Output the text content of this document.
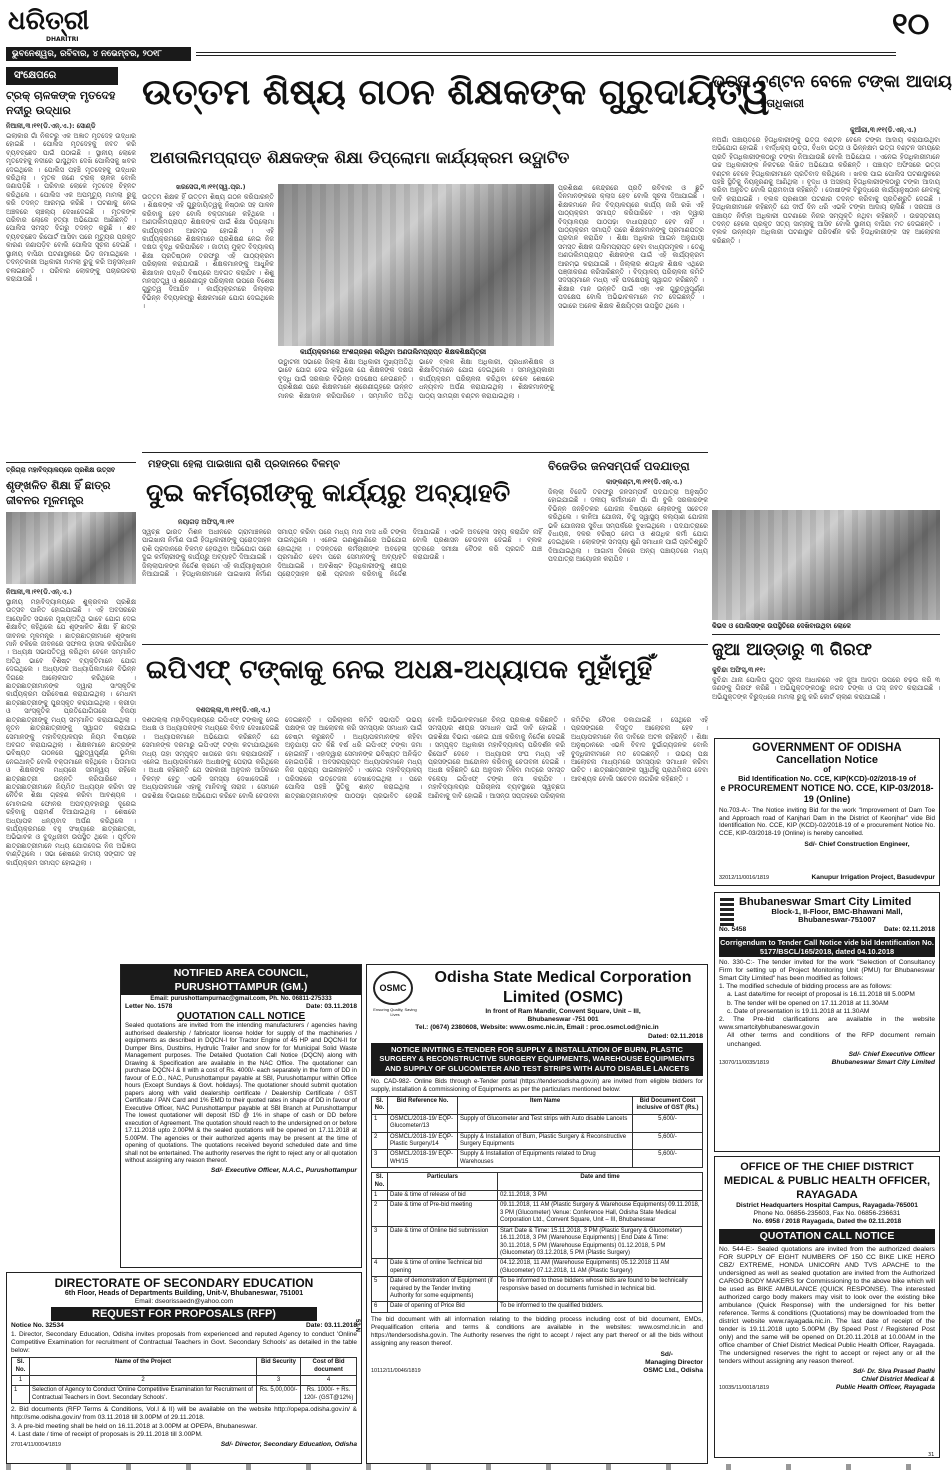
ଧରିତ୍ରୀ
DHARITRI
ଭୁବନେଶ୍ୱର, ରବିବାର, ୪ ନଭେମ୍ବର, ୨୦୧୮
୧୦
ସଂକ୍ଷେପରେ
ଟ୍ରକ୍ ଚାଳକଙ୍କ ମୃତଦେହ ନଦୀରୁ ଉଦ୍ଧାର
ନିଆଳୀ,୩।୧୧(ଡି.ଏନ୍.ଏ.): ସୋଣ୍ଡି
ଇଲାକାର ଗାଁ ନିକଟରୁ ଏକ ଅଜ୍ଞାତ ମୃତଦେହ ଉଦ୍ଧାର ହୋଇଛି । ପୋଲିସ ମୃତଦେହକୁ ଜବତ କରି ବ୍ୟବଚ୍ଛେଦ ପାଇଁ ପଠାଇଛି । ସ୍ଥାନୀୟ ଲୋକେ ମୃତଦେହକୁ ନଦୀରେ ଭାସୁଥିବା ଦେଖି ପୋଲିସକୁ ଖବର ଦେଇଥିଲେ । ପୋଲିସ ପହଞ୍ଚି ମୃତଦେହକୁ ଉଦ୍ଧାର କରିଥିଲା । ମୃତକ ଜଣେ ଟ୍ରକ୍ ଚାଳକ ବୋଲି ଜଣାପଡ଼ିଛି । ପରିବାର ଲୋକେ ମୃତଦେହ ଚିହ୍ନଟ କରିଥିଲେ । ପୋଲିସ ଏକ ଅପମୃତ୍ୟୁ ମାମଲା ରୁଜୁ କରି ତଦନ୍ତ ଆରମ୍ଭ କରିଛି । ଘଟଣାକୁ ନେଇ ଅଞ୍ଚଳରେ ଚାଞ୍ଚଲ୍ୟ ଦେଖାଦେଇଛି । ମୃତକଙ୍କ ପରିବାର ଲୋକେ ହତ୍ୟା ଅଭିଯୋଗ ଆଣିଛନ୍ତି । ପୋଲିସ ସମସ୍ତ ଦିଗରୁ ତଦନ୍ତ କରୁଛି । ଶବ ବ୍ୟବଚ୍ଛେଦ ରିପୋର୍ଟ ଆସିବା ପରେ ମୃତ୍ୟୁର ପ୍ରକୃତ କାରଣ ଜଣାପଡ଼ିବ ବୋଲି ପୋଲିସ ସୂଚନା ଦେଇଛି । ସ୍ଥାନୀୟ ବାସିନ୍ଦା ଘଟଣାସ୍ଥଳରେ ଭିଡ଼ ଜମାଇଥିଲେ । ତଦନ୍ତକାରୀ ଅଧିକାରୀ ମାମଲା ରୁଜୁ କରି ଅନୁସନ୍ଧାନ ଚଳାଇଛନ୍ତି । ପରିବାର ଲୋକଙ୍କୁ ପଚାରଉଚରା କରାଯାଉଛି ।
ତ୍ରିଗ୍ରା ମହାବିଦ୍ୟାଳୟରେ ପ୍ରଶିକ୍ଷ ଉତ୍ସବ
ଶୃଙ୍ଖଳିତ ଶିକ୍ଷା ହିଁ ଛାତ୍ର ଜୀବନର ମୂଳମନ୍ତ୍ର
ନିଆଳୀ,୩।୧୧(ଡି.ଏନ୍.ଏ.)
ସ୍ଥାନୀୟ ମହାବିଦ୍ୟାଳୟରେ ଶୁକ୍ରବାର ପ୍ରଶିକ୍ଷ ଉତ୍ସବ ପାଳିତ ହୋଇଯାଇଛି । ଏହି ଅବସରରେ ଆୟୋଜିତ ସଭାରେ ମୁଖ୍ୟଅତିଥି ଭାବେ ଯୋଗ ଦେଇ ଶିକ୍ଷାବିତ୍ କହିଥିଲେ ଯେ ଶୃଙ୍ଖଳିତ ଶିକ୍ଷା ହିଁ ଛାତ୍ର ଜୀବନର ମୂଳମନ୍ତ୍ର । ଛାତ୍ରଛାତ୍ରୀମାନେ ଶୃଙ୍ଖଳା ମାନି ଚଳିଲେ ଜୀବନରେ ସଫଳତା ହାସଲ କରିପାରିବେ । ଅଧ୍ୟକ୍ଷ ସଭାପତିତ୍ୱ କରିଥିବା ବେଳେ ସମ୍ମାନିତ ଅତିଥି ଭାବେ ବିଶିଷ୍ଟ ବ୍ୟକ୍ତିମାନେ ଯୋଗ ଦେଇଥିଲେ । ଅଧ୍ୟାପକ ଅଧ୍ୟାପିକାମାନେ ବିଭିନ୍ନ ଦିଗରେ ଆଲୋକପାତ କରିଥିଲେ । ଛାତ୍ରଛାତ୍ରୀମାନଙ୍କ ଦ୍ୱାରା ସାଂସ୍କୃତିକ କାର୍ଯ୍ୟକ୍ରମ ପରିବେଷଣ କରାଯାଇଥିଲା । ମେଧାବୀ ଛାତ୍ରଛାତ୍ରୀଙ୍କୁ ପୁରସ୍କୃତ କରାଯାଇଥିଲା । କ୍ରୀଡ଼ା ଓ ସାଂସ୍କୃତିକ ପ୍ରତିଯୋଗିତାରେ ବିଜୟୀ ଛାତ୍ରଛାତ୍ରୀଙ୍କୁ ମଧ୍ୟ ସମ୍ମାନିତ କରାଯାଇଥିଲା । ନୂତନ ଛାତ୍ରଛାତ୍ରୀଙ୍କୁ ସ୍ୱାଗତ କରାଯାଇ ସେମାନଙ୍କୁ ମହାବିଦ୍ୟାଳୟର ନିୟମ ବିଷୟରେ ଅବଗତ କରାଯାଇଥିଲା । ଶିକ୍ଷକମାନେ ଛାତ୍ରଙ୍କ ଭବିଷ୍ୟତ ଗଠନରେ ଗୁରୁତ୍ୱପୂର୍ଣ୍ଣ ଭୂମିକା ନେଇଥାନ୍ତି ବୋଲି ବକ୍ତାମାନେ କହିଥିଲେ । ପିତାମାତା ଓ ଶିକ୍ଷକଙ୍କ ମଧ୍ୟରେ ସମନ୍ୱୟ ରହିଲେ ଛାତ୍ରଛାତ୍ରୀ ଉନ୍ନତି କରିପାରିବେ । ଛାତ୍ରଛାତ୍ରୀମାନେ ନିୟମିତ ଅଧ୍ୟୟନ କରିବା ସହ ନୈତିକ ଶିକ୍ଷା ଗ୍ରହଣ କରିବା ଆବଶ୍ୟକ । ମୋବାଇଲ ଫୋନର ଅପବ୍ୟବହାରରୁ ଦୂରେଇ ରହିବାକୁ ପରାମର୍ଶ ଦିଆଯାଇଥିଲା । ଶେଷରେ ଅଧ୍ୟାପକ ଧନ୍ୟବାଦ ଅର୍ପଣ କରିଥିଲେ । କାର୍ଯ୍ୟକ୍ରମରେ ବହୁ ସଂଖ୍ୟାରେ ଛାତ୍ରଛାତ୍ରୀ, ଅଭିଭାବକ ଓ ବୁଦ୍ଧିଜୀବୀ ଉପସ୍ଥିତ ଥିଲେ । ପୂର୍ବତନ ଛାତ୍ରଛାତ୍ରୀମାନେ ମଧ୍ୟ ଯୋଗଦେଇ ନିଜ ଅଭିଜ୍ଞତା ବାଣ୍ଟିଥିଲେ । ସଭା ଶେଷରେ ଜାତୀୟ ସଙ୍ଗୀତ ସହ କାର୍ଯ୍ୟକ୍ରମ ସମାପ୍ତ ହୋଇଥିଲା ।
ଉତ୍ତମ ଶିଷ୍ୟ ଗଠନ ଶିକ୍ଷକଙ୍କ ଗୁରୁଦାୟିତ୍ୱ
ଅଣତାଲିମପ୍ରାପ୍ତ ଶିକ୍ଷକଙ୍କ ଶିକ୍ଷା ଡିପ୍ଲୋମା କାର୍ଯ୍ୟକ୍ରମ ଉଦ୍ଘାଟିତ
ଖରସେତା,୩।୧୧(ସ୍ୱ.ପ୍ର.)
ଉତ୍ତମ ଶିକ୍ଷକ ହିଁ ଉତ୍ତମ ଶିଷ୍ୟ ଗଠନ କରିପାରନ୍ତି । ଶିକ୍ଷକଙ୍କ ଏହି ଗୁରୁଦାୟିତ୍ୱକୁ ନିଷ୍ଠାର ସହ ପାଳନ କରିବାକୁ ହେବ ବୋଲି ବକ୍ତାମାନେ କହିଥିଲେ । ଅଣତାଲିମପ୍ରାପ୍ତ ଶିକ୍ଷକଙ୍କ ପାଇଁ ଶିକ୍ଷା ଡିପ୍ଲୋମା କାର୍ଯ୍ୟକ୍ରମ ଆରମ୍ଭ ହୋଇଛି । ଏହି କାର୍ଯ୍ୟକ୍ରମରେ ଶିକ୍ଷକମାନେ ପ୍ରଶିକ୍ଷଣ ନେଇ ନିଜ ଦକ୍ଷତା ବୃଦ୍ଧି କରିପାରିବେ । ଜାତୀୟ ମୁକ୍ତ ବିଦ୍ୟାଳୟ ଶିକ୍ଷା ପ୍ରତିଷ୍ଠାନ ତରଫରୁ ଏହି ପାଠ୍ୟକ୍ରମ ପରିଚାଳନା କରାଯାଉଛି । ଶିକ୍ଷକମାନଙ୍କୁ ଆଧୁନିକ ଶିକ୍ଷାଦାନ ପଦ୍ଧତି ବିଷୟରେ ଅବଗତ କରାଯିବ । ଶିଶୁ ମନସ୍ତତ୍ତ୍ୱ ଓ ଶ୍ରେଣୀଗୃହ ପରିଚାଳନା ଉପରେ ବିଶେଷ ଗୁରୁତ୍ୱ ଦିଆଯିବ । କାର୍ଯ୍ୟକ୍ରମରେ ଜିଲ୍ଲାର ବିଭିନ୍ନ ବିଦ୍ୟାଳୟରୁ ଶିକ୍ଷକମାନେ ଯୋଗ ଦେଇଥିଲେ ।
କାର୍ଯ୍ୟକ୍ରମରେ ଅଂଶଗ୍ରହଣ କରିଥିବା ଅଣତାଲିମପ୍ରାପ୍ତ ଶିକ୍ଷକଶିକ୍ଷୟିତ୍ରୀ
ଉଦ୍ଘାଟନୀ ସଭାରେ ଜିଲ୍ଲା ଶିକ୍ଷା ଅଧିକାରୀ ମୁଖ୍ୟଅତିଥି ଭାବେ ଯୋଗ ଦେଇ କହିଥିଲେ ଯେ ଶିକ୍ଷକଙ୍କ ଦକ୍ଷତା ବୃଦ୍ଧି ପାଇଁ ସରକାର ବିଭିନ୍ନ ପଦକ୍ଷେପ ନେଉଛନ୍ତି । ପ୍ରଶିକ୍ଷଣ ପରେ ଶିକ୍ଷକମାନେ ଶ୍ରେଣୀଗୃହରେ ଉନ୍ନତ ମାନର ଶିକ୍ଷାଦାନ କରିପାରିବେ । ସମ୍ମାନିତ ଅତିଥି ଭାବେ ବ୍ଲକ ଶିକ୍ଷା ଅଧିକାରୀ, ପ୍ରଧାନଶିକ୍ଷକ ଓ ଶିକ୍ଷାବିତ୍ମାନେ ଯୋଗ ଦେଇଥିଲେ । ସମନ୍ୱୟକାରୀ କାର୍ଯ୍ୟକ୍ରମ ପରିଚାଳନା କରିଥିବା ବେଳେ ଶେଷରେ ଧନ୍ୟବାଦ ଅର୍ପଣ କରାଯାଇଥିଲା । ଶିକ୍ଷକମାନଙ୍କୁ ପାଠ୍ୟ ସାମଗ୍ରୀ ବଣ୍ଟନ କରାଯାଇଥିଲା ।
ପ୍ରଶିକ୍ଷଣ କେନ୍ଦ୍ରରେ ପ୍ରତି ରବିବାର ଓ ଛୁଟି ଦିନମାନଙ୍କରେ କ୍ଲାସ ହେବ ବୋଲି ସୂଚନା ଦିଆଯାଇଛି । ଶିକ୍ଷକମାନେ ନିଜ ବିଦ୍ୟାଳୟରେ କାର୍ଯ୍ୟ ଜାରି ରଖି ଏହି ପାଠ୍ୟକ୍ରମ ସମାପ୍ତ କରିପାରିବେ । ଏହା ଦ୍ୱାରା ବିଦ୍ୟାଳୟର ପାଠପଢ଼ା ବାଧାପ୍ରାପ୍ତ ହେବ ନାହିଁ । ପାଠ୍ୟକ୍ରମ ସମାପ୍ତି ପରେ ଶିକ୍ଷକମାନଙ୍କୁ ପ୍ରମାଣପତ୍ର ପ୍ରଦାନ କରାଯିବ । ଶିକ୍ଷା ଅଧିକାର ଆଇନ ଅନୁଯାୟୀ ସମସ୍ତ ଶିକ୍ଷକ ତାଲିମପ୍ରାପ୍ତ ହେବା ବାଧ୍ୟତାମୂଳକ । ତେଣୁ ଅଣତାଲିମପ୍ରାପ୍ତ ଶିକ୍ଷକଙ୍କ ପାଇଁ ଏହି କାର୍ଯ୍ୟକ୍ରମ ଆରମ୍ଭ କରାଯାଇଛି । ଜିଲ୍ଲାର ଶତାଧିକ ଶିକ୍ଷକ ଏଥିରେ ପଞ୍ଜୀକରଣ କରିସାରିଛନ୍ତି । ବିଦ୍ୟାଳୟ ପରିଚାଳନା କମିଟି ସଦସ୍ୟମାନେ ମଧ୍ୟ ଏହି ପଦକ୍ଷେପକୁ ସ୍ୱାଗତ କରିଛନ୍ତି । ଶିକ୍ଷାର ମାନ ଉନ୍ନତି ପାଇଁ ଏହା ଏକ ଗୁରୁତ୍ୱପୂର୍ଣ୍ଣ ପଦକ୍ଷେପ ବୋଲି ଅଭିଭାବକମାନେ ମତ ଦେଇଛନ୍ତି । ସଭାରେ ଅନେକ ଶିକ୍ଷକ ଶିକ୍ଷୟିତ୍ରୀ ଉପସ୍ଥିତ ଥିଲେ ।
ଭତ୍ତା ବଣ୍ଟନ ବେଳେ ଟଙ୍କା ଆଦାୟ
ହିତାଧିକାରୀ
କୁଆଁରୀ,୩।୧୧(ଡି.ଏନ୍.ଏ.)
ନଅଗାଁ ପଞ୍ଚାୟତରେ ହିତାଧିକାରୀଙ୍କୁ ଭତ୍ତା ବଣ୍ଟନ ବେଳେ ଟଙ୍କା ଆଦାୟ କରାଯାଉଥିବା ଅଭିଯୋଗ ହୋଇଛି । ବାର୍ଦ୍ଧକ୍ୟ ଭତ୍ତା, ବିଧବା ଭତ୍ତା ଓ ଭିନ୍ନକ୍ଷମ ଭତ୍ତା ବଣ୍ଟନ ସମୟରେ ପ୍ରତି ହିତାଧିକାରୀଙ୍କଠାରୁ ଟଙ୍କା ନିଆଯାଉଛି ବୋଲି ଅଭିଯୋଗ । ଏନେଇ ହିତାଧିକାରୀମାନେ ଉଚ୍ଚ ଅଧିକାରୀଙ୍କ ନିକଟରେ ଲିଖିତ ଅଭିଯୋଗ କରିଛନ୍ତି । ପଞ୍ଚାୟତ ଅଫିସରେ ଭତ୍ତା ବଣ୍ଟନ ବେଳେ ହିତାଧିକାରୀମାନେ ପ୍ରତିବାଦ କରିଥିଲେ । ଖବର ପାଇ ପୋଲିସ ଘଟଣାସ୍ଥଳରେ ପହଞ୍ଚି ସ୍ଥିତିକୁ ନିୟନ୍ତ୍ରଣକୁ ଆଣିଥିଲା । ବୃଦ୍ଧ ଓ ଅସହାୟ ହିତାଧିକାରୀଙ୍କଠାରୁ ଟଙ୍କା ଆଦାୟ କରିବା ଅନୁଚିତ ବୋଲି ଗ୍ରାମବାସୀ କହିଛନ୍ତି । ଦୋଷୀଙ୍କ ବିରୁଦ୍ଧରେ କାର୍ଯ୍ୟାନୁଷ୍ଠାନ ନେବାକୁ ଦାବି କରାଯାଇଛି । ବ୍ଲକ ପ୍ରଶାସନ ଘଟଣାର ତଦନ୍ତ କରିବାକୁ ପ୍ରତିଶ୍ରୁତି ଦେଇଛି । ହିତାଧିକାରୀମାନେ କହିଛନ୍ତି ଯେ ଦୀର୍ଘ ଦିନ ଧରି ଏଭଳି ଟଙ୍କା ଆଦାୟ ଚାଲିଛି । ସରପଞ୍ଚ ଓ ପଞ୍ଚାୟତ ନିର୍ବାହୀ ଅଧିକାରୀ ଘଟଣାରେ ନିଜର ସମ୍ପୃକ୍ତି ନଥିବା କହିଛନ୍ତି । ଉଚ୍ଚସ୍ତରୀୟ ତଦନ୍ତ ହେଲେ ପ୍ରକୃତ ସତ୍ୟ ସାମ୍ନାକୁ ଆସିବ ବୋଲି ସ୍ଥାନୀୟ ବାସିନ୍ଦା ମତ ଦେଇଛନ୍ତି । ବ୍ଲକ ଉନ୍ନୟନ ଅଧିକାରୀ ଘଟଣାସ୍ଥଳ ପରିଦର୍ଶନ କରି ହିତାଧିକାରୀଙ୍କ ସହ ଆଲୋଚନା କରିଛନ୍ତି ।
କିଭଦ ଓ ପୋଲିସଙ୍କ ଉପସ୍ଥିତିରେ ଦେଖିବାଉଥିବା ଲୋକେ
ଜୁଆ ଆଡ୍ଡାରୁ ୩ ଗିରଫ
କୁଚିନ୍ଦା ଅଫିସ୍,୩।୧୧:
କୁଚିନ୍ଦା ଥାନା ପୋଲିସ ଗୁପ୍ତ ସୂଚନା ଆଧାରରେ ଏକ ଜୁଆ ଆଡ୍ଡା ଉପରେ ଚଢ଼ଉ କରି ୩ ଜଣଙ୍କୁ ଗିରଫ କରିଛି । ଅଭିଯୁକ୍ତଙ୍କଠାରୁ ନଗଦ ଟଙ୍କା ଓ ତାସ୍ ଜବତ କରାଯାଇଛି । ଅଭିଯୁକ୍ତଙ୍କ ବିରୁଦ୍ଧରେ ମାମଲା ରୁଜୁ କରି କୋର୍ଟ ଚାଲାଣ କରାଯାଇଛି ।
ମହଙ୍ଗା ହେଲା ପାଇଖାନା ରାଶି ପ୍ରଦାନରେ ବିଳମ୍ବ
ଦୁଇ କର୍ମଚାରୀଙ୍କୁ କାର୍ଯ୍ୟରୁ ଅବ୍ୟାହତି
ନୟାଗଡ଼ ଅଫିସ୍,୩।୧୧
ସ୍ୱଚ୍ଛ ଭାରତ ମିଶନ ଅଧୀନରେ ଗ୍ରାମାଞ୍ଚଳରେ ପାଇଖାନା ନିର୍ମାଣ ପାଇଁ ହିତାଧିକାରୀଙ୍କୁ ପ୍ରୋତ୍ସାହନ ରାଶି ପ୍ରଦାନରେ ବିଳମ୍ବ ହେଉଥିବା ଅଭିଯୋଗ ପରେ ଦୁଇ କର୍ମଚାରୀଙ୍କୁ କାର୍ଯ୍ୟରୁ ଅବ୍ୟାହତି ଦିଆଯାଇଛି । ଜିଲ୍ଲାପାଳଙ୍କ ନିର୍ଦ୍ଦେଶ କ୍ରମେ ଏହି କାର୍ଯ୍ୟାନୁଷ୍ଠାନ ନିଆଯାଇଛି । ହିତାଧିକାରୀମାନେ ପାଇଖାନା ନିର୍ମାଣ ସମାପ୍ତ କରିବା ପରେ ମଧ୍ୟ ମାସ ମାସ ଧରି ଟଙ୍କା ପାଇନଥିଲେ । ଏନେଇ ଗଣଶୁଣାଣିରେ ଅଭିଯୋଗ ହୋଇଥିଲା । ତଦନ୍ତରେ କର୍ମଚାରୀଙ୍କ ଅବହେଳା ପ୍ରମାଣିତ ହେବା ପରେ ସେମାନଙ୍କୁ ଅବ୍ୟାହତି ଦିଆଯାଇଛି । ଅବଶିଷ୍ଟ ହିତାଧିକାରୀଙ୍କୁ ଶୀଘ୍ର ପ୍ରୋତ୍ସାହନ ରାଶି ପ୍ରଦାନ କରିବାକୁ ନିର୍ଦ୍ଦେଶ ଦିଆଯାଇଛି । ଏଭଳି ଅବହେଳା ସହ୍ୟ କରାଯିବ ନାହିଁ ବୋଲି ପ୍ରଶାସନ ଚେତାବନୀ ଦେଇଛି । ବ୍ଲକ ସ୍ତରରେ ସମୀକ୍ଷା ବୈଠକ କରି ପ୍ରଗତି ଯାଞ୍ଚ କରାଯାଉଛି ।
ବିଜେଡିର ଜନସମ୍ପର୍କ ପଦଯାତ୍ରା
କାଙ୍କଣ୍ଟା,୩।୧୧(ଡି.ଏନ୍.ଏ.)
ଜିଲ୍ଲା ବିଜେଡି ତରଫରୁ ଜନସମ୍ପର୍କ ପଦଯାତ୍ରା ଅନୁଷ୍ଠିତ ହୋଇଯାଇଛି । ଦଳୀୟ କର୍ମୀମାନେ ଗାଁ ଗାଁ ବୁଲି ସରକାରଙ୍କ ବିଭିନ୍ନ ଜନହିତକର ଯୋଜନା ବିଷୟରେ ଲୋକଙ୍କୁ ସଚେତନ କରିଥିଲେ । କାଳିଆ ଯୋଜନା, ବିଜୁ ସ୍ୱାସ୍ଥ୍ୟ କଲ୍ୟାଣ ଯୋଜନା ଭଳି ଯୋଜନାର ସୁବିଧା ସମ୍ପର୍କରେ ବୁଝାଇଥିଲେ । ପଦଯାତ୍ରାରେ ବିଧାୟକ, ଦଳର ବରିଷ୍ଠ ନେତା ଓ ଶତାଧିକ କର୍ମୀ ଯୋଗ ଦେଇଥିଲେ । ଲୋକଙ୍କ ସମସ୍ୟା ଶୁଣି ସମାଧାନ ପାଇଁ ପ୍ରତିଶ୍ରୁତି ଦିଆଯାଇଥିଲା । ଆଗାମୀ ଦିନରେ ଅନ୍ୟ ପଞ୍ଚାୟତରେ ମଧ୍ୟ ପଦଯାତ୍ରା ଆୟୋଜନ କରାଯିବ ।
ଇପିଏଫ୍ ଟଙ୍କାକୁ ନେଇ ଅଧକ୍ଷ-ଅଧ୍ୟାପକ ମୁହାଁମୁହିଁ
ଦଶପଲ୍ଲା,୩।୧୧(ଡି.ଏନ୍.ଏ.)
ଦଶପଲ୍ଲା ମହାବିଦ୍ୟାଳୟରେ ଇପିଏଫ୍ ଟଙ୍କାକୁ ନେଇ ଅଧକ୍ଷ ଓ ଅଧ୍ୟାପକଙ୍କ ମଧ୍ୟରେ ବିବାଦ ଦେଖାଦେଇଛି । ଅଧ୍ୟାପକମାନେ ଅଭିଯୋଗ କରିଛନ୍ତି ଯେ ସେମାନଙ୍କ ଦରମାରୁ ଇପିଏଫ୍ ଟଙ୍କା କଟାଯାଉଥିଲେ ମଧ୍ୟ ତାହା ସମ୍ପୃକ୍ତ ଖାତାରେ ଜମା କରାଯାଉନାହିଁ । ଏନେଇ ଅଧ୍ୟାପକମାନେ ଅଧକ୍ଷଙ୍କୁ ଘେରାଉ କରିଥିଲେ । ଅଧକ୍ଷ କହିଛନ୍ତି ଯେ ସରକାରୀ ଅନୁଦାନ ଆସିବାରେ ବିଳମ୍ବ ହେତୁ ଏଭଳି ସମସ୍ୟା ଦେଖାଦେଇଛି । ଅଧ୍ୟାପକମାନେ ଏହାକୁ ମାନିବାକୁ ନାରାଜ । ସେମାନେ ଉଚ୍ଚଶିକ୍ଷା ବିଭାଗରେ ଅଭିଯୋଗ କରିବେ ବୋଲି ଚେତାବନୀ ଦେଇଛନ୍ତି । ପରିଚାଳନା କମିଟି ସଭାପତି ଉଭୟ ପକ୍ଷଙ୍କ ସହ ଆଲୋଚନା କରି ସମସ୍ୟାର ସମାଧାନ ପାଇଁ ଚେଷ୍ଟା କରୁଛନ୍ତି । ଅଧ୍ୟାପକମାନଙ୍କ କହିବା ଅନୁଯାୟୀ ଗତ କିଛି ବର୍ଷ ଧରି ଇପିଏଫ୍ ଟଙ୍କା ଜମା ହୋଇନାହିଁ । ଏହାଦ୍ୱାରା ସେମାନଙ୍କ ଭବିଷ୍ୟତ ଅନିଶ୍ଚିତ ହୋଇପଡ଼ିଛି । ଅବସରପ୍ରାପ୍ତ ଅଧ୍ୟାପକମାନେ ମଧ୍ୟ ନିଜ ପ୍ରାପ୍ୟ ପାଇନାହାନ୍ତି । ଏନେଇ ମହାବିଦ୍ୟାଳୟ ପରିସରରେ ଉତ୍ତେଜନା ଦେଖାଦେଇଥିଲା । ପରେ ପୋଲିସ ପହଞ୍ଚି ସ୍ଥିତିକୁ ଶାନ୍ତ କରାଇଥିଲା । ଛାତ୍ରଛାତ୍ରୀମାନଙ୍କ ପାଠପଢ଼ା ପ୍ରଭାବିତ ହେଉଛି ବୋଲି ଅଭିଭାବକମାନେ ଚିନ୍ତା ପ୍ରକାଶ କରିଛନ୍ତି । ସମସ୍ୟାର ଶୀଘ୍ର ସମାଧାନ ପାଇଁ ଦାବି ହୋଇଛି । ଉଚ୍ଚଶିକ୍ଷା ବିଭାଗ ଏନେଇ ଯାଞ୍ଚ କରିବାକୁ ନିର୍ଦ୍ଦେଶ ଦେଇଛି । ସମ୍ପୃକ୍ତ ଅଧିକାରୀ ମହାବିଦ୍ୟାଳୟ ପରିଦର୍ଶନ କରି ରିପୋର୍ଟ ଦେବେ । ଅଧ୍ୟାପକ ସଂଘ ମଧ୍ୟ ଏହି ପ୍ରସଙ୍ଗରେ ଆନ୍ଦୋଳନ କରିବାକୁ ଚେତାବନୀ ଦେଇଛି । ଅଧକ୍ଷ କହିଛନ୍ତି ଯେ ଅନୁଦାନ ମିଳିବା ମାତ୍ରେ ସମସ୍ତ ବକେୟା ଇପିଏଫ୍ ଟଙ୍କା ଜମା କରାଯିବ । ମହାବିଦ୍ୟାଳୟର ପରିଚାଳନା ବ୍ୟବସ୍ଥାରେ ସ୍ୱଚ୍ଛତା ଆଣିବାକୁ ଦାବି ହୋଇଛି । ଆସନ୍ତା ସପ୍ତାହରେ ପରିଚାଳନା କମିଟିର ବୈଠକ ଡକାଯାଇଛି । ସେଥିରେ ଏହି ପ୍ରସଙ୍ଗରେ ବିସ୍ତୃତ ଆଲୋଚନା ହେବ । ଅଧ୍ୟାପକମାନେ ନିଜ ଦାବିରେ ଅଟଳ ରହିଛନ୍ତି । ଶିକ୍ଷା ଅନୁଷ୍ଠାନରେ ଏଭଳି ବିବାଦ ଦୁର୍ଭାଗ୍ୟଜନକ ବୋଲି ବୁଦ୍ଧିଜୀବୀମାନେ ମତ ଦେଇଛନ୍ତି । ଉଭୟ ପକ୍ଷ ଆଲୋଚନା ମାଧ୍ୟମରେ ସମସ୍ୟାର ସମାଧାନ କରିବା ଉଚିତ । ଛାତ୍ରଛାତ୍ରୀଙ୍କ ସ୍ୱାର୍ଥକୁ ପ୍ରାଥମିକତା ଦେବା ଆବଶ୍ୟକ ବୋଲି ସଚେତନ ନାଗରିକ କହିଛନ୍ତି ।
GOVERNMENT OF ODISHA
Cancellation Notice
of
Bid Identification No. CCE, KIP(KCD)-02/2018-19 of
e PROCUREMENT NOTICE NO. CCE, KIP-03/2018-19 (Online)
No.703-A:- The Notice inviting Bid for the work "Improvement of Dam Toe and Approach road of Kanjhari Dam in the District of Keonjhar" vide Bid Identification No. CCE, KIP (KCD)-02/2018-19 of e procurement Notice No. CCE, KIP-03/2018-19 (Online) is hereby cancelled.
Sd/- Chief Construction Engineer,
32012/11/0016/1819	Kanupur Irrigation Project, Basudevpur
Bhubaneswar Smart City Limited
Block-1, II-Floor, BMC-Bhawani Mall,
Bhubaneswar-751007
No. 5458	Date: 02.11.2018
Corrigendum to Tender Call Notice vide bid Identification No. 5177/BSCL/165/2018, dated 04.10.2018
No. 330-C:- The tender invited for the work "Selection of Consultancy Firm for setting up of Project Monitoring Unit (PMU) for Bhubaneswar Smart City Limited" has been modified as follows:
1. The modified schedule of bidding process are as follows:
a. Last date/time for receipt of proposal is 16.11.2018 till 5.00PM
b. The tender will be opened on 17.11.2018 at 11.30AM
c. Date of presentation is 19.11.2018 at 11.30AM
2. The Pre-bid clarifications are available in the website www.smartcitybhubaneswar.gov.in
All other terms and conditions of the RFP document remain unchanged.
Sd/- Chief Executive Officer
13070/11/0035/1819	Bhubaneswar Smart City Limited
OFFICE OF THE CHIEF DISTRICT MEDICAL & PUBLIC HEALTH OFFICER, RAYAGADA
District Headquarters Hospital Campus, Rayagada-765001
Phone No. 06856-235603, Fax No. 06856-236631
No. 6958 / 2018 Rayagada, Dated the 02.11.2018
QUOTATION CALL NOTICE
No. 544-E:- Sealed quotations are invited from the authorized dealers FOR SUPPLY OF EIGHT NUMBERS OF 150 CC BIKE LIKE HERO CBZ/ EXTREME, HONDA UNICORN AND TVS APACHE to the undersigned as well as sealed quotation are invited from the Authorized CARGO BODY MAKERS for Commissioning to the above bike which will be used as BIKE AMBULANCE (QUICK RESPONSE). The interested authorized cargo body makers may visit to look over the existing bike ambulance (Quick Response) with the undersigned for his better reference. Terms & conditions (Quotations) may be downloaded from the district website www.rayagada.nic.in. The last date of receipt of the tender is 19.11.2018 upto 5.00PM (By Speed Post / Registered Post only) and the same will be opened on Dt.20.11.2018 at 10.00AM in the office chamber of Chief District Medical Public Health Officer, Rayagada. The undersigned reserves the right to accept or reject any or all the tenders without assigning any reason thereof.
Sd/- Dr. Siva Prasad Padhi
Chief District Medical &
10035/11/0018/1819	Public Health Officer, Rayagada
NOTIFIED AREA COUNCIL, PURUSHOTTAMPUR (GM.)
Email: purushottampurnac@gmail.com, Ph. No. 06811-275333
Letter No. 1578	Date: 03.11.2018
QUOTATION CALL NOTICE
Sealed quotations are invited from the intending manufacturers / agencies having authorised dealership / fabricator license holder for supply of the machineries / equipments as described in DQCN-I for Tractor Engine of 45 HP and DQCN-II for Dumper Bins, Dustbins, Hydrulic Trailer and snow for for Municipal Solid Waste Management purposes. The Detailed Quotation Call Notice (DQCN) along with Drawing & Specification are available in the NAC Office. The quotationer can purchase DQCN-I & II with a cost of Rs. 4000/- each separately in the form of DD in favour of E.O., NAC, Purushottampur payable at SBI, Purushottampur within Office hours (Except Sundays & Govt. holidays). The quotationer should submit quotation papers along with valid dealership certificate / Dealership Certificate / GST Certificate / PAN Card and 1% EMD to their quoted rates in shape of DD in favour of Executive Officer, NAC Purushottampur payable at SBI Branch at Purushottampur The lowest quotationer will deposit ISD @ 1% in shape of cash or DD before execution of Agreement. The quotation should reach to the undersigned on or before 17.11.2018 upto 2.00PM & the sealed quotations will be opened on 17.11.2018 at 5.00PM. The agencies or their authorized agents may be present at the time of opening of quotations. The quotations received beyond scheduled date and time shall not be entertained. The authority reserves the right to reject any or all quotation without assigning any reason thereof.
Sd/- Executive Officer, N.A.C., Purushottampur
OSMC
Ensuring Quality, Saving Lives
Odisha State Medical Corporation Limited (OSMC)
In front of Ram Mandir, Convent Square, Unit – III,
Bhubaneswar -751 001
Tel.: (0674) 2380608, Website: www.osmc.nic.in, Email : proc.osmcl.od@nic.in
Dated: 02.11.2018
NOTICE INVITING E-TENDER FOR SUPPLY & INSTALLATION OF BURN, PLASTIC SURGERY & RECONSTRUCTIVE SURGERY EQUIPMENTS, WAREHOUSE EQUIPMENTS AND SUPPLY OF GLUCOMETER AND TEST STRIPS WITH AUTO DISABLE LANCETS
No. CAD-982- Online Bids through e-Tender portal (https://tendersodisha.gov.in) are invited from eligible bidders for supply, installation & commissioning of Equipments as per the particulars mentioned below:
Sl. No.	Bid Reference No.	Item Name	Bid Document Cost inclusive of GST (Rs.)
1	OSMCL/2018-19/ EQP-Glucometer/13	Supply of Glucometer and Test strips with Auto disable Lancets	5,600/-
2	OSMCL/2018-19/ EQP-Plastic Surgery/14	Supply & Installation of Burn, Plastic Surgery & Reconstructive Surgery Equipments	5,600/-
3	OSMCL/2018-19/ EQP-WH/15	Supply & Installation of Equipments related to Drug Warehouses	5,600/-
Sl. No.	Particulars	Date and time
1	Date & time of release of bid	02.11.2018, 3 PM
2	Date & time of Pre-bid meeting	09.11.2018, 11 AM (Plastic Surgery & Warehouse Equipments) 09.11.2018, 3 PM (Glucometer) Venue: Conference Hall, Odisha State Medical Corporation Ltd., Convent Square, Unit – III, Bhubaneswar
3	Date & time of Online bid submission	Start Date & Time: 15.11.2018, 3 PM (Plastic Surgery & Glucometer) 16.11.2018, 3 PM (Warehouse Equipments) | End Date & Time: 30.11.2018, 5 PM (Warehouse Equipments) 01.12.2018, 5 PM (Glucometer) 03.12.2018, 5 PM (Plastic Surgery)
4	Date & time of online Technical bid opening	04.12.2018, 11 AM (Warehouse Equipments) 05.12.2018 11 AM (Glucometer) 07.12.2018, 11 AM (Plastic Surgery)
5	Date of demonstration of Equipment (if required by the Tender Inviting Authority for some equipments)	To be informed to those bidders whose bids are found to be technically responsive based on documents furnished in technical bid.
6	Date of opening of Price Bid	To be informed to the qualified bidders.
The bid document with all information relating to the bidding process including cost of bid document, EMDs, Prequalification criteria and terms & conditions are available in the websites: www.osmcl.nic.in and https://tendersodisha.gov.in. The Authority reserves the right to accept / reject any part thereof or all the bids without assigning any reason thereof.
Sd/-
Managing Director
10112/11/0046/1819	OSMC Ltd., Odisha
DIRECTORATE OF SECONDARY EDUCATION
6th Floor, Heads of Departments Building, Unit-V, Bhubaneswar, 751001
Email: dseorissaedn@yahoo.com
REQUEST FOR PROPOSALS (RFP)
Notice No. 32534	Date: 03.11.2018
1. Director, Secondary Education, Odisha invites proposals from experienced and reputed Agency to conduct 'Online Competitive Examination for recruitment of Contractual Teachers in Govt. Secondary Schools' as detailed in the table below:
Sl. No.	Name of the Project	Bid Security	Cost of Bid document
1	2	3	4
1	Selection of Agency to Conduct 'Online Competitive Examination for Recruitment of Contractual Teachers in Govt. Secondary Schools'.	Rs. 5,00,000/-	Rs. 1000/- + Rs. 120/- (GST@12%)
2. Bid documents (RFP Terms & Conditions, Vol.I & II) will be available on the website http://opepa.odisha.gov.in/ & http://sme.odisha.gov.in/ from 03.11.2018 till 3.00PM of 29.11.2018.
3. A pre-bid meeting shall be held on 16.11.2018 at 3.00PM at OPEPA, Bhubaneswar.
4. Last date / time of receipt of proposals is 29.11.2018 till 3.00PM.
27014/11/0004/1819	Sd/- Director, Secondary Education, Odisha
53-N
31
